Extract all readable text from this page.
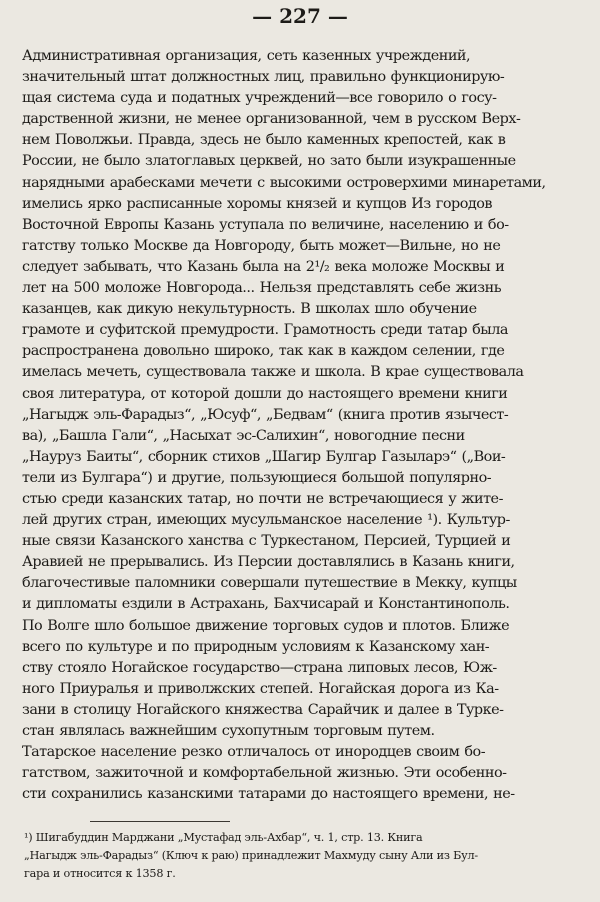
— 227 —
Административная организация, сеть казенных учреждений,
значительный штат должностных лиц, правильно функционирую-
щая система суда и податных учреждений—все говорило о госу-
дарственной жизни, не менее организованной, чем в русском Верх-
нем Поволжьи. Правда, здесь не было каменных крепостей, как в
России, не было златоглавых церквей, но зато были изукрашенные
нарядными арабесками мечети с высокими островерхими минаретами,
имелись ярко расписанные хоромы князей и купцов Из городов
Восточной Европы Казань уступала по величине, населению и бо-
гатству только Москве да Новгороду, быть может—Вильне, но не
следует забывать, что Казань была на 2¹/₂ века моложе Москвы и
лет на 500 моложе Новгорода... Нельзя представлять себе жизнь
казанцев, как дикую некультурность. В школах шло обучение
грамоте и суфитской премудрости. Грамотность среди татар была
распространена довольно широко, так как в каждом селении, где
имелась мечеть, существовала также и школа. В крае существовала
своя литература, от которой дошли до настоящего времени книги
„Нагыдж эль-Фарадыз“, „Юсуф“, „Бедвам“ (книга против язычест-
ва), „Башла Гали“, „Насыхат эс-Салихин“, новогодние песни
„Науруз Баиты“, сборник стихов „Шагир Булгар Газыларэ“ („Вои-
тели из Булгара“) и другие, пользующиеся большой популярно-
стью среди казанских татар, но почти не встречающиеся у жите-
лей других стран, имеющих мусульманское население ¹). Культур-
ные связи Казанского ханства с Туркестаном, Персией, Турцией и
Аравией не прерывались. Из Персии доставлялись в Казань книги,
благочестивые паломники совершали путешествие в Мекку, купцы
и дипломаты ездили в Астрахань, Бахчисарай и Константинополь.
По Волге шло большое движение торговых судов и плотов. Ближе
всего по культуре и по природным условиям к Казанскому хан-
ству стояло Ногайское государство—страна липовых лесов, Юж-
ного Приуралья и приволжских степей. Ногайская дорога из Ка-
зани в столицу Ногайского княжества Сарайчик и далее в Турке-
стан являлась важнейшим сухопутным торговым путем.
Татарское население резко отличалось от инородцев своим бо-
гатством, зажиточной и комфортабельной жизнью. Эти особенно-
сти сохранились казанскими татарами до настоящего времени, не-
¹) Шигабуддин Марджани „Мустафад эль-Ахбар“, ч. 1, стр. 13. Книга
„Нагыдж эль-Фарадыз“ (Ключ к раю) принадлежит Махмуду сыну Али из Бул-
гара и относится к 1358 г.
